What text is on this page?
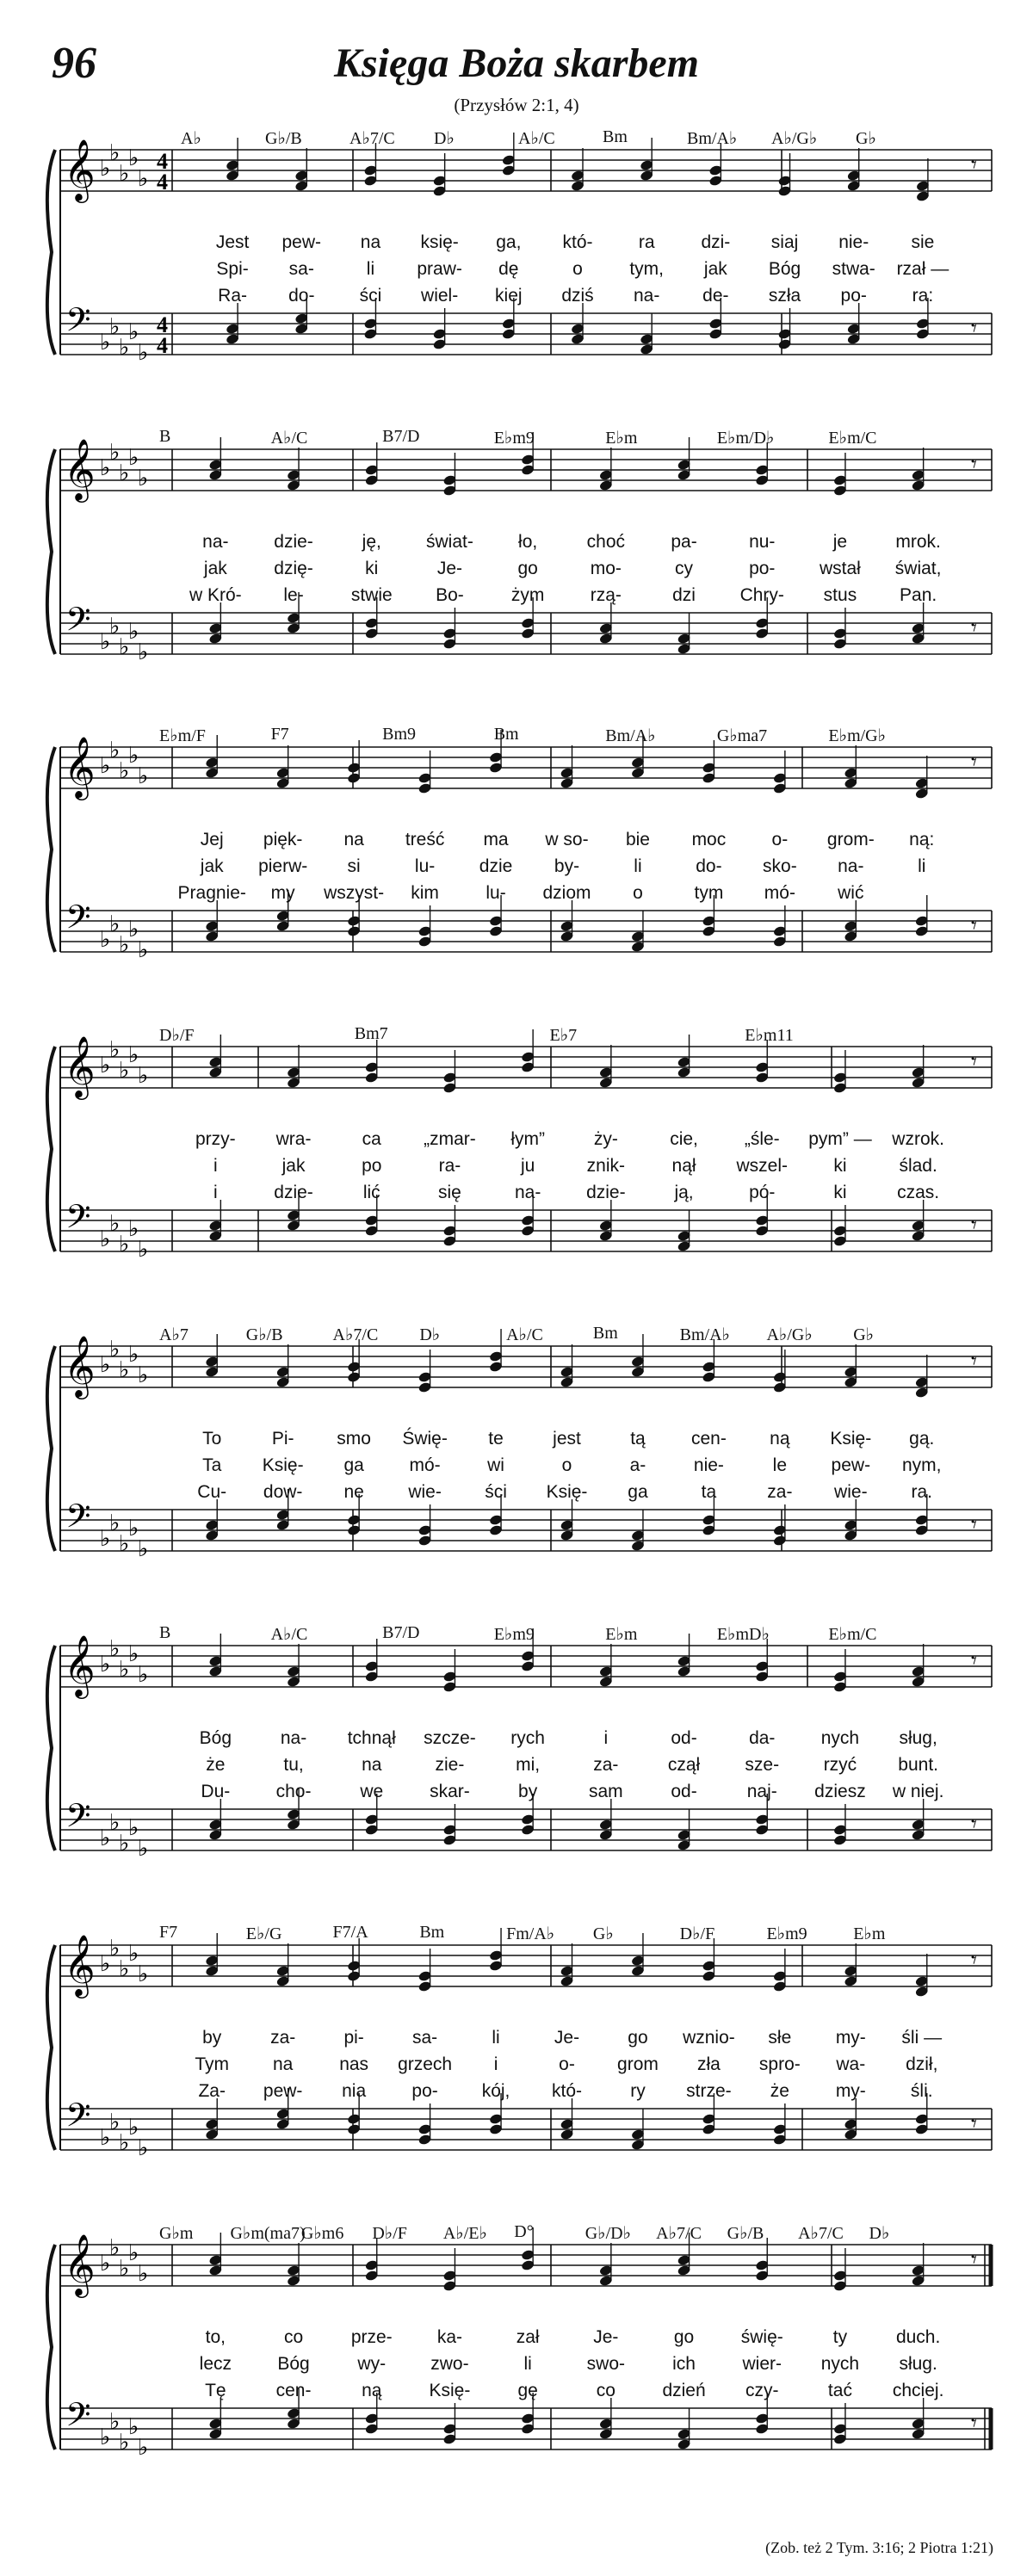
96	Księga Boża skarbem
(Przysłów 2:1, 4)
𝄞
𝄢
♭
♭
♭
♭
♭
♭
♭
♭
♭
♭
4
4
4
4
𝄾
𝄾
A♭	G♭/B	A♭7/C D♭	A♭/C	Bm	Bm/A♭ A♭/G♭ G♭
Jest pew- na księ- ga, któ-	ra	dzi- siaj nie- sie
Spi- sa-	li praw- dę	o	tym, jak Bóg stwa- rzał —
Ra- do- ści wiel- kiej dziś na- de- szła po-	ra:
𝄞
𝄢
♭
♭
♭
♭
♭
♭
♭
♭
♭
♭
𝄾
𝄾
B	A♭/C	B7/D	E♭m9	E♭m	E♭m/D♭	E♭m/C
na-	dzie-	ję, świat- ło,	choć	pa-	nu-	je	mrok.
jak	dzię-	ki	Je-	go	mo-	cy	po- wstał świat,
w Kró- le-	stwie Bo-	żym	rzą-	dzi Chry- stus Pan.
𝄞
𝄢
♭
♭
♭
♭
♭
♭
♭
♭
♭
♭
𝄾
𝄾
E♭m/F	F7	Bm9	Bm	Bm/A♭	G♭ma7	E♭m/G♭
Jej pięk- na treść ma w so- bie moc	o- grom- ną:
jak pierw- si	lu- dzie by-	li	do- sko- na-	li
Pragnie- my wszyst- kim	lu- dziom o	tym mó- wić
𝄞
𝄢
♭
♭
♭
♭
♭
♭
♭
♭
♭
♭
𝄾
𝄾
D♭/F	Bm7	E♭7	E♭m11
przy- wra-	ca „zmar- łym”	ży-	cie,	„śle- pym” — wzrok.
i	jak	po	ra-	ju	znik-	nął wszel-	ki	ślad.
i	dzie-	lić	się	na-	dzie-	ją,	pó-	ki	czas.
𝄞
𝄢
♭
♭
♭
♭
♭
♭
♭
♭
♭
♭
𝄾
𝄾
A♭7	G♭/B	A♭7/C D♭	A♭/C	Bm	Bm/A♭ A♭/G♭ G♭
To	Pi- smo Świę- te	jest	tą	cen- ną Księ- gą.
Ta Księ- ga	mó-	wi	o	a-	nie-	le pew- nym,
Cu- dow- ne wie- ści Księ- ga	ta	za- wie- ra.
𝄞
𝄢
♭
♭
♭
♭
♭
♭
♭
♭
♭
♭
𝄾
𝄾
B	A♭/C	B7/D	E♭m9	E♭m	E♭mD♭	E♭m/C
Bóg	na- tchnął szcze- rych	i	od-	da-	nych sług,
że	tu,	na	zie-	mi,	za-	czął sze- rzyć bunt.
Du-	cho-	we	skar-	by	sam	od-	naj- dziesz w niej.
𝄞
𝄢
♭
♭
♭
♭
♭
♭
♭
♭
♭
♭
𝄾
𝄾
F7	E♭/G	F7/A	Bm	Fm/A♭ G♭	D♭/F	E♭m9	E♭m
by	za-	pi-	sa-	li	Je-	go wznio- słe my- śli —
Tym na	nas grzech i	o- grom zła spro- wa- dził,
Za- pew- nia	po- kój, któ-	ry strze- że	my- śli.
𝄞
𝄢
♭
♭
♭
♭
♭
♭
♭
♭
♭
♭
𝄾
𝄾
G♭m G♭m(ma7)
G♭m6 D♭/F A♭/E♭ D°	G♭/D♭ A♭7/C G♭/B A♭7/C D♭
to,	co	prze- ka-	zał	Je-	go	świę-	ty	duch.
lecz	Bóg	wy- zwo-	li	swo-	ich	wier- nych sług.
Tę	cen-	ną	Księ-	gę	co	dzień czy-	tać chciej.
(Zob. też 2 Tym. 3:16; 2 Piotra 1:21)
